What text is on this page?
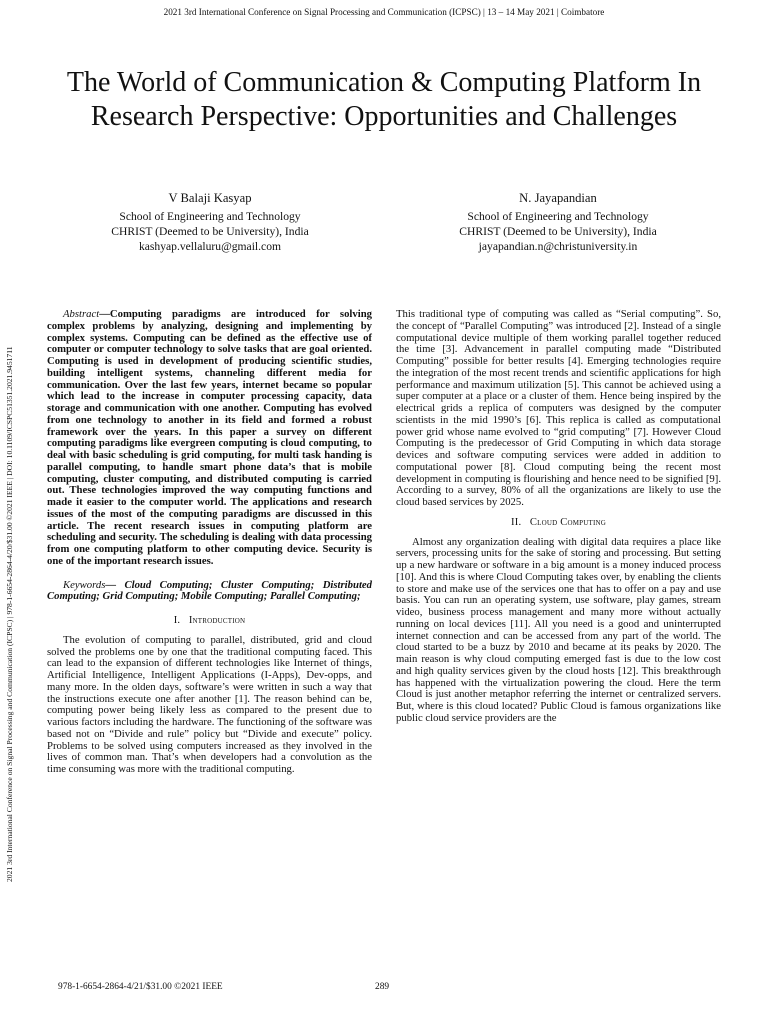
2021 3rd International Conference on Signal Processing and Communication (ICPSC) | 13 – 14 May 2021 | Coimbatore
2021 3rd International Conference on Signal Processing and Communication (ICPSC) | 978-1-6654-2864-4/20/$31.00 ©2021 IEEE | DOI: 10.1109/ICSPC51351.2021.9451711
The World of Communication & Computing Platform In Research Perspective: Opportunities and Challenges
V Balaji Kasyap
School of Engineering and Technology
CHRIST (Deemed to be University), India
kashyap.vellaluru@gmail.com
N. Jayapandian
School of Engineering and Technology
CHRIST (Deemed to be University), India
jayapandian.n@christuniversity.in

Abstract—Computing paradigms are introduced for solving complex problems by analyzing, designing and implementing by complex systems. Computing can be defined as the effective use of computer or computer technology to solve tasks that are goal oriented. Computing is used in development of producing scientific studies, building intelligent systems, channeling different media for communication. Over the last few years, internet became so popular which lead to the increase in computer processing capacity, data storage and communication with one another. Computing has evolved from one technology to another in its field and formed a robust framework over the years. In this paper a survey on different computing paradigms like evergreen computing is cloud computing, to deal with basic scheduling is grid computing, for multi task handing is parallel computing, to handle smart phone data’s that is mobile computing, cluster computing, and distributed computing is carried out. These technologies improved the way computing functions and made it easier to the computer world. The applications and research issues of the most of the computing paradigms are discussed in this article. The recent research issues in computing platform are scheduling and security. The scheduling is dealing with data processing from one computing platform to other computing device. Security is one of the important research issues.

Keywords— Cloud Computing; Cluster Computing; Distributed Computing; Grid Computing; Mobile Computing; Parallel Computing;

I. Introduction

The evolution of computing to parallel, distributed, grid and cloud solved the problems one by one that the traditional computing faced. This can lead to the expansion of different technologies like Internet of things, Artificial Intelligence, Intelligent Applications (I-Apps), Dev-opps, and many more. In the olden days, software’s were written in such a way that the instructions execute one after another [1]. The reason behind can be, computing power being likely less as compared to the present due to various factors including the hardware. The functioning of the software was based not on “Divide and rule” policy but “Divide and execute” policy. Problems to be solved using computers increased as they involved in the lives of common man. That’s when developers had a convolution as the time consuming was more with the traditional computing.

This traditional type of computing was called as “Serial computing”. So, the concept of “Parallel Computing” was introduced [2]. Instead of a single computational device multiple of them working parallel together reduced the time [3]. Advancement in parallel computing made “Distributed Computing” possible for better results [4]. Emerging technologies require the integration of the most recent trends and scientific applications for high performance and maximum utilization [5]. This cannot be achieved using a super computer at a place or a cluster of them. Hence being inspired by the electrical grids a replica of computers was designed by the computer scientists in the mid 1990’s [6]. This replica is called as computational power grid whose name evolved to “grid computing” [7]. However Cloud Computing is the predecessor of Grid Computing in which data storage devices and software computing services were added in addition to computational power [8]. Cloud computing being the recent most development in computing is flourishing and hence need to be signified [9]. According to a survey, 80% of all the organizations are likely to use the cloud based services by 2025.

II. Cloud Computing

Almost any organization dealing with digital data requires a place like servers, processing units for the sake of storing and processing. But setting up a new hardware or software in a big amount is a money induced process [10]. And this is where Cloud Computing takes over, by enabling the clients to store and make use of the services one that has to offer on a pay and use basis. You can run an operating system, use software, play games, stream video, business process management and many more without actually running on local devices [11]. All you need is a good and uninterrupted internet connection and can be accessed from any part of the world. The cloud started to be a buzz by 2010 and became at its peaks by 2020. The main reason is why cloud computing emerged fast is due to the low cost and high quality services given by the cloud hosts [12]. This breakthrough has happened with the virtualization powering the cloud. Here the term Cloud is just another metaphor referring the internet or centralized servers. But, where is this cloud located? Public Cloud is famous organizations like public cloud service providers are the

978-1-6654-2864-4/21/$31.00 ©2021 IEEE	289
